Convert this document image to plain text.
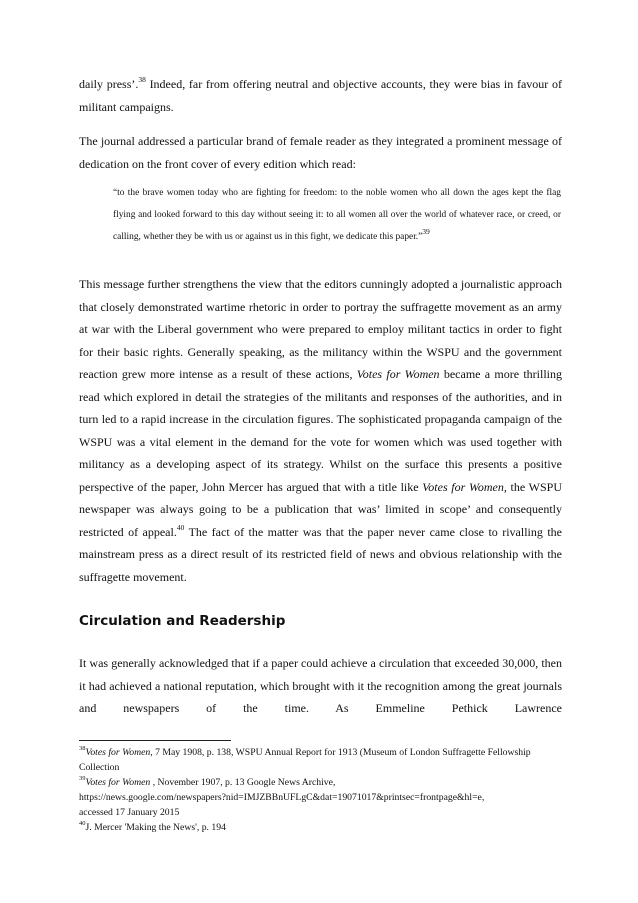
daily press’.$^{38}$ Indeed, far from offering neutral and objective accounts, they were bias in favour of militant campaigns.

The journal addressed a particular brand of female reader as they integrated a prominent message of dedication on the front cover of every edition which read:

“to the brave women today who are fighting for freedom: to the noble women who all down the ages kept the flag flying and looked forward to this day without seeing it: to all women all over the world of whatever race, or creed, or calling, whether they be with us or against us in this fight, we dedicate this paper.”$^{39}$

This message further strengthens the view that the editors cunningly adopted a journalistic approach that closely demonstrated wartime rhetoric in order to portray the suffragette movement as an army at war with the Liberal government who were prepared to employ militant tactics in order to fight for their basic rights. Generally speaking, as the militancy within the WSPU and the government reaction grew more intense as a result of these actions, Votes for Women became a more thrilling read which explored in detail the strategies of the militants and responses of the authorities, and in turn led to a rapid increase in the circulation figures. The sophisticated propaganda campaign of the WSPU was a vital element in the demand for the vote for women which was used together with militancy as a developing aspect of its strategy. Whilst on the surface this presents a positive perspective of the paper, John Mercer has argued that with a title like Votes for Women, the WSPU newspaper was always going to be a publication that was’ limited in scope’ and consequently restricted of appeal.$^{40}$ The fact of the matter was that the paper never came close to rivalling the mainstream press as a direct result of its restricted field of news and obvious relationship with the suffragette movement.

Circulation and Readership

It was generally acknowledged that if a paper could achieve a circulation that exceeded 30,000, then it had achieved a national reputation, which brought with it the recognition among the great journals and newspapers of the time. As Emmeline Pethick Lawrence

$^{38}$Votes for Women, 7 May 1908, p. 138, WSPU Annual Report for 1913 (Museum of London Suffragette Fellowship Collection
$^{39}$Votes for Women , November 1907, p. 13 Google News Archive,
https://news.google.com/newspapers?nid=IMJZBBnUFLgC&dat=19071017&printsec=frontpage&hl=e,
accessed 17 January 2015
$^{40}$J. Mercer 'Making the News', p. 194
